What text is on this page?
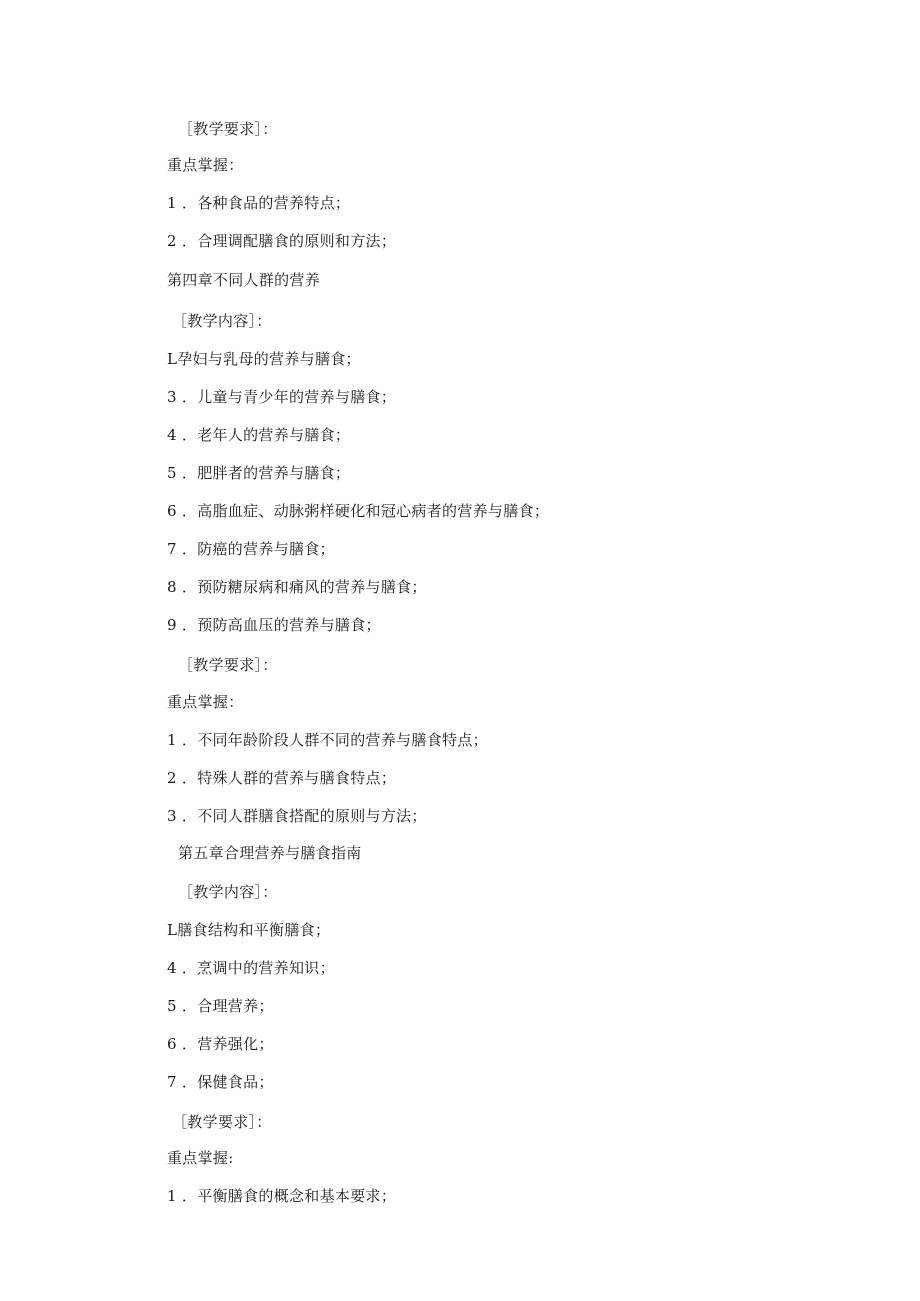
［教学要求］：
重点掌握：
1 ．各种食品的营养特点；
2 ．合理调配膳食的原则和方法；
第四章不同人群的营养
［教学内容］：
L孕妇与乳母的营养与膳食；
3 ．儿童与青少年的营养与膳食；
4 ．老年人的营养与膳食；
5 ．肥胖者的营养与膳食；
6 ．高脂血症、动脉粥样硬化和冠心病者的营养与膳食；
7 ．防癌的营养与膳食；
8 ．预防糖尿病和痛风的营养与膳食；
9 ．预防高血压的营养与膳食；
［教学要求］：
重点掌握：
1 ．不同年龄阶段人群不同的营养与膳食特点；
2 ．特殊人群的营养与膳食特点；
3 ．不同人群膳食搭配的原则与方法；
第五章合理营养与膳食指南
［教学内容］：
L膳食结构和平衡膳食；
4 ．烹调中的营养知识；
5 ．合理营养；
6 ．营养强化；
7 ．保健食品；
［教学要求］：
重点掌握:
1 ．平衡膳食的概念和基本要求；
